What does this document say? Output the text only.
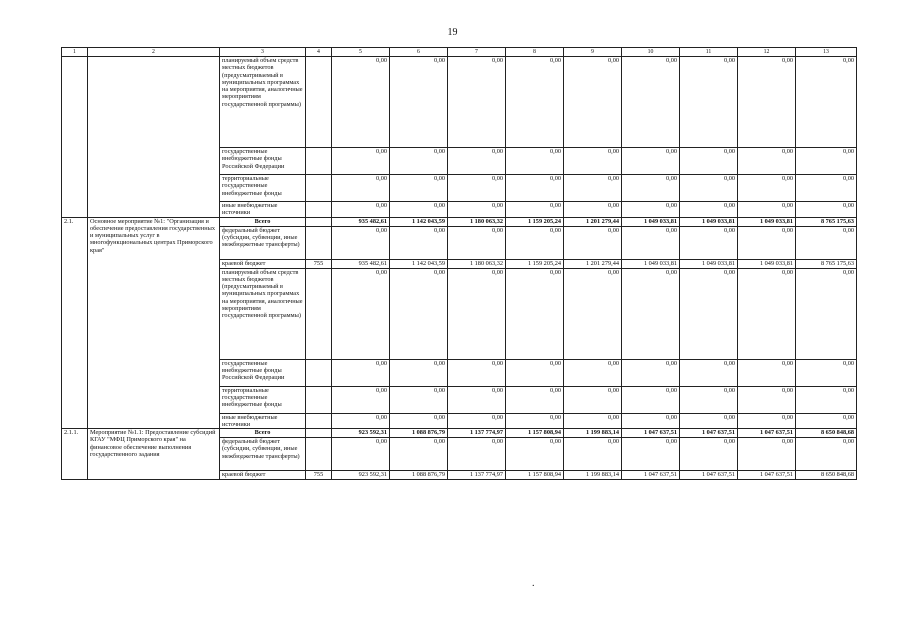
19
1	2	3	4	5	6	7	8	9	10	11	12	13
		планируемый объем средств местных бюджетов (предусматриваемый в муниципальных программах на мероприятия, аналогичные мероприятиям государственной программы)		0,00	0,00	0,00	0,00	0,00	0,00	0,00	0,00	0,00
		государственные внебюджетные фонды Российской Федерации		0,00	0,00	0,00	0,00	0,00	0,00	0,00	0,00	0,00
		территориальные государственные внебюджетные фонды		0,00	0,00	0,00	0,00	0,00	0,00	0,00	0,00	0,00
		иные внебюджетные источники		0,00	0,00	0,00	0,00	0,00	0,00	0,00	0,00	0,00
2.1.	Основное мероприятие №1: "Организация и обеспечение предоставления государственных и муниципальных услуг в многофункциональных центрах Приморского края"	Всего		935 482,61	1 142 043,59	1 180 063,32	1 159 205,24	1 201 279,44	1 049 033,81	1 049 033,81	1 049 033,81	8 765 175,63
		федеральный бюджет (субсидии, субвенции, иные межбюджетные трансферты)		0,00	0,00	0,00	0,00	0,00	0,00	0,00	0,00	0,00
		краевой бюджет	755	935 482,61	1 142 043,59	1 180 063,32	1 159 205,24	1 201 279,44	1 049 033,81	1 049 033,81	1 049 033,81	8 765 175,63
		планируемый объем средств местных бюджетов (предусматриваемый в муниципальных программах на мероприятия, аналогичные мероприятиям государственной программы)		0,00	0,00	0,00	0,00	0,00	0,00	0,00	0,00	0,00
		государственные внебюджетные фонды Российской Федерации		0,00	0,00	0,00	0,00	0,00	0,00	0,00	0,00	0,00
		территориальные государственные внебюджетные фонды		0,00	0,00	0,00	0,00	0,00	0,00	0,00	0,00	0,00
		иные внебюджетные источники		0,00	0,00	0,00	0,00	0,00	0,00	0,00	0,00	0,00
2.1.1.	Мероприятие №1.1: Предоставление субсидий КГАУ "МФЦ Приморского края" на финансовое обеспечение выполнения государственного задания	Всего		923 592,31	1 088 876,79	1 137 774,97	1 157 808,94	1 199 883,14	1 047 637,51	1 047 637,51	1 047 637,51	8 650 848,68
		федеральный бюджет (субсидии, субвенции, иные межбюджетные трансферты)		0,00	0,00	0,00	0,00	0,00	0,00	0,00	0,00	0,00
		краевой бюджет	755	923 592,31	1 088 876,79	1 137 774,97	1 157 808,94	1 199 883,14	1 047 637,51	1 047 637,51	1 047 637,51	8 650 848,68
.
